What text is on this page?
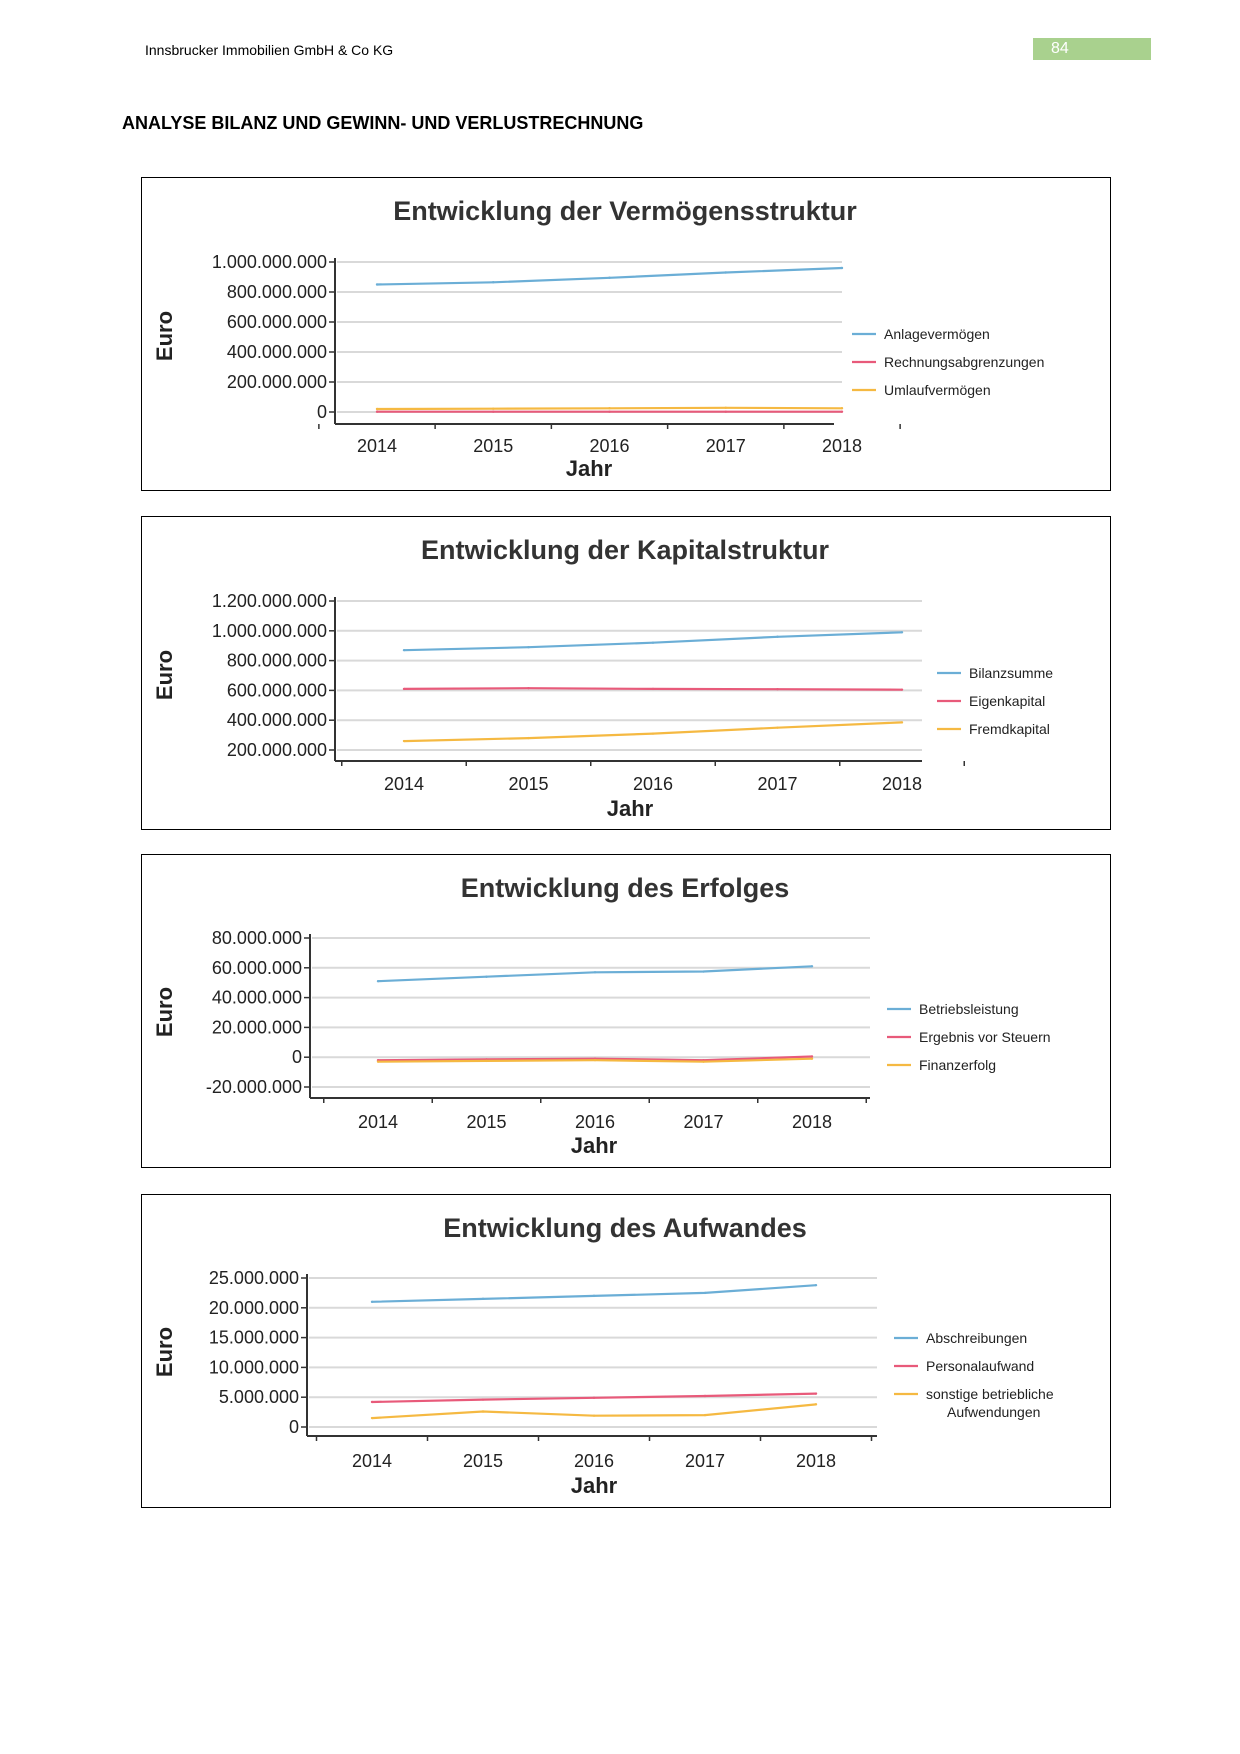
Innsbrucker Immobilien GmbH & Co KG	84
ANALYSE BILANZ UND GEWINN- UND VERLUSTRECHNUNG
Entwicklung der Vermögensstruktur
1.000.000.000
800.000.000
600.000.000
400.000.000
200.000.000
0
2014	2015	2016	2017	2018
Euro
Jahr
Anlagevermögen
Rechnungsabgrenzungen
Umlaufvermögen
Entwicklung der Kapitalstruktur
1.200.000.000
1.000.000.000
800.000.000
600.000.000
400.000.000
200.000.000
2014	2015	2016	2017	2018
Euro
Jahr
Bilanzsumme
Eigenkapital
Fremdkapital
Entwicklung des Erfolges
80.000.000
60.000.000
40.000.000
20.000.000
0
-20.000.000
2014	2015	2016	2017	2018
Euro
Jahr
Betriebsleistung
Ergebnis vor Steuern
Finanzerfolg
Entwicklung des Aufwandes
25.000.000
20.000.000
15.000.000
10.000.000
5.000.000
0
2014	2015	2016	2017	2018
Euro
Jahr
Abschreibungen
Personalaufwand
sonstige betriebliche
Aufwendungen
